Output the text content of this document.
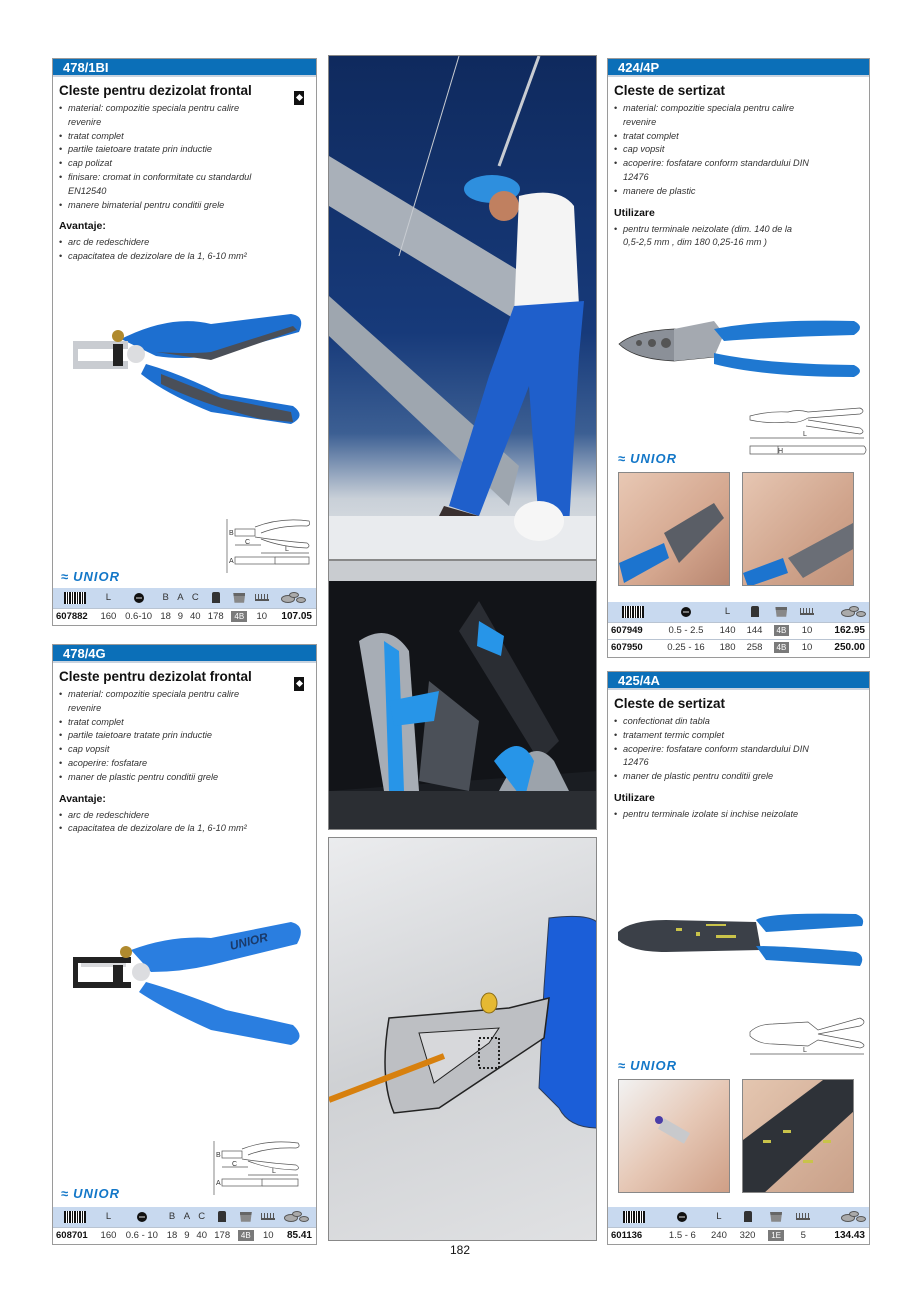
478/1BI
Cleste pentru dezizolat frontal
• material: compozitie speciala pentru calire revenire
• tratat complet
• partile taietoare tratate prin inductie
• cap polizat
• finisare: cromat in conformitate cu standardul EN12540
• manere bimaterial pentru conditii grele
Avantaje:
• arc de redeschidere
• capacitatea de dezizolare de la 1, 6-10 mm²
B
C
A
L
≈ UNIOR
	L		B	A	C				

607882	160	0.6-10	18	9	40	178	4B	10	107.05
478/4G
Cleste pentru dezizolat frontal
• material: compozitie speciala pentru calire revenire
• tratat complet
• partile taietoare tratate prin inductie
• cap vopsit
• acoperire: fosfatare
• maner de plastic pentru conditii grele
Avantaje:
• arc de redeschidere
• capacitatea de dezizolare de la 1, 6-10 mm²
UNIOR
B
C
A
L
≈ UNIOR
	L		B	A	C				

608701	160	0.6 - 10	18	9	40	178	4B	10	85.41
424/4P
Cleste de sertizat
• material: compozitie speciala pentru calire revenire
• tratat complet
• cap vopsit
• acoperire: fosfatare conform standardului DIN 12476
• manere de plastic
Utilizare
• pentru terminale neizolate (dim. 140 de la 0,5-2,5 mm , dim 180 0,25-16 mm )
L
H
≈ UNIOR
		L				

607949	0.5 - 2.5	140	144	4B	10	162.95
607950	0.25 - 16	180	258	4B	10	250.00
425/4A
Cleste de sertizat
• confectionat din tabla
• tratament termic complet
• acoperire: fosfatare conform standardului DIN 12476
• maner de plastic pentru conditii grele
Utilizare
• pentru terminale izolate si inchise neizolate
L
≈ UNIOR
		L				

601136	1.5 - 6	240	320	1E	5	134.43
182
